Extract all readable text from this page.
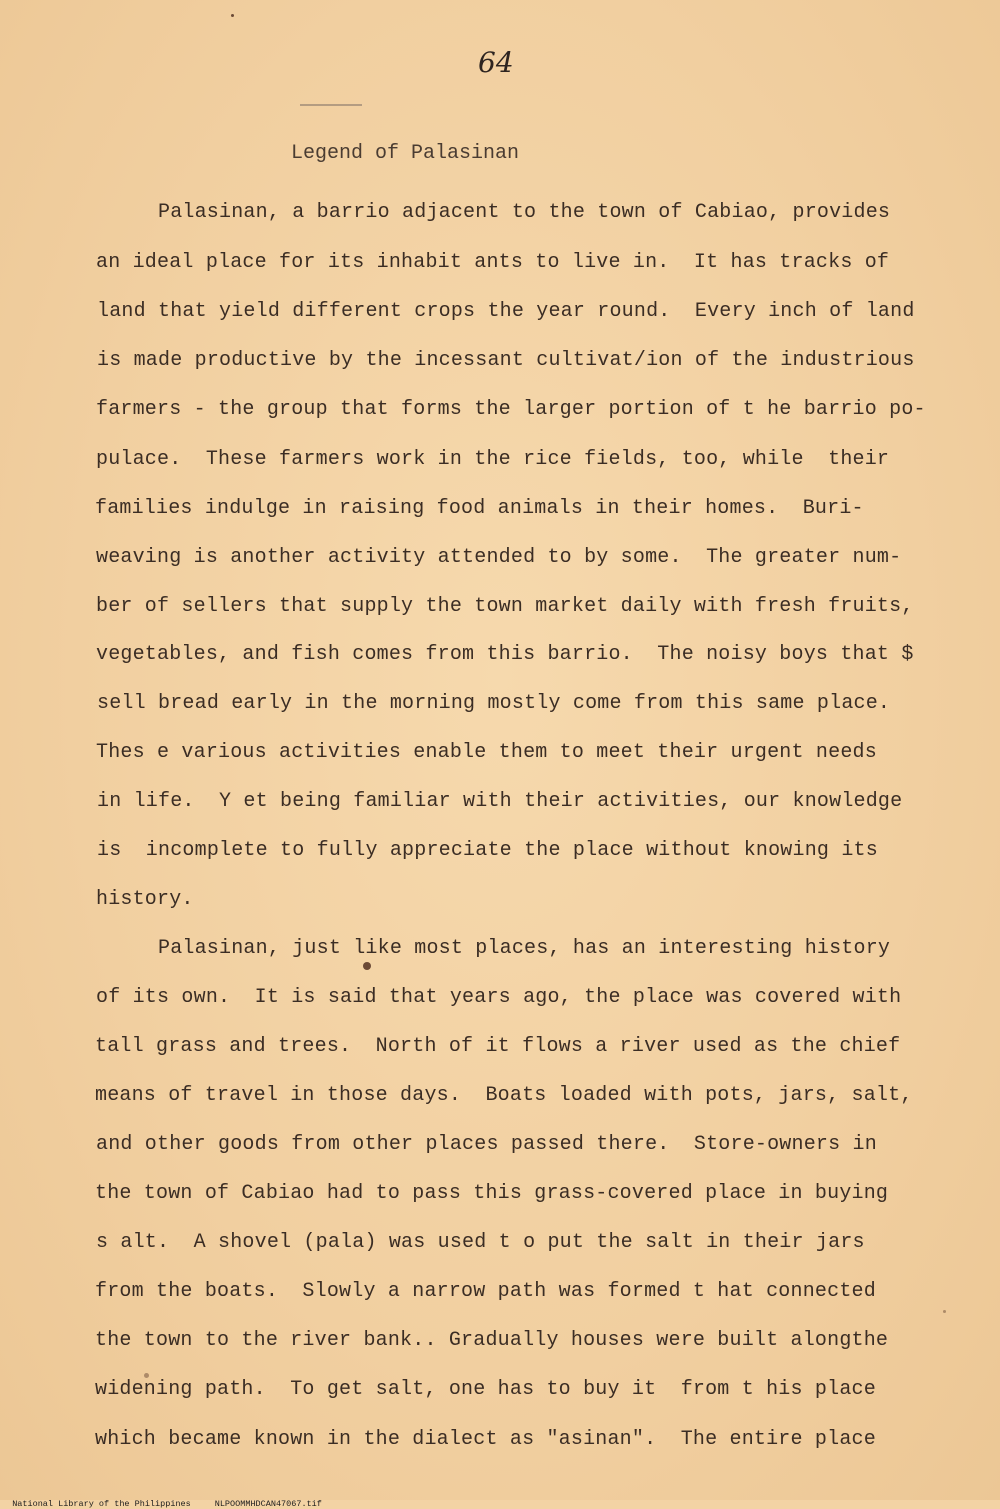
64
Legend of Palasinan
Palasinan, a barrio adjacent to the town of Cabiao, provides
an ideal place for its inhabit ants to live in.  It has tracks of
land that yield different crops the year round.  Every inch of land
is made productive by the incessant cultivat/ion of the industrious
farmers - the group that forms the larger portion of t he barrio po-
pulace.  These farmers work in the rice fields, too, while  their
families indulge in raising food animals in their homes.  Buri-
weaving is another activity attended to by some.  The greater num-
ber of sellers that supply the town market daily with fresh fruits,
vegetables, and fish comes from this barrio.  The noisy boys that $
sell bread early in the morning mostly come from this same place.
Thes e various activities enable them to meet their urgent needs
in life.  Y et being familiar with their activities, our knowledge
is  incomplete to fully appreciate the place without knowing its
history.
Palasinan, just like most places, has an interesting history
of its own.  It is said that years ago, the place was covered with
tall grass and trees.  North of it flows a river used as the chief
means of travel in those days.  Boats loaded with pots, jars, salt,
and other goods from other places passed there.  Store-owners in
the town of Cabiao had to pass this grass-covered place in buying
s alt.  A shovel (pala) was used t o put the salt in their jars
from the boats.  Slowly a narrow path was formed t hat connected
the town to the river bank.. Gradually houses were built alongthe
widening path.  To get salt, one has to buy it  from t his place
which became known in the dialect as "asinan".  The entire place

National Library of the Philippines	NLPOOMMHDCAN47067.tif
